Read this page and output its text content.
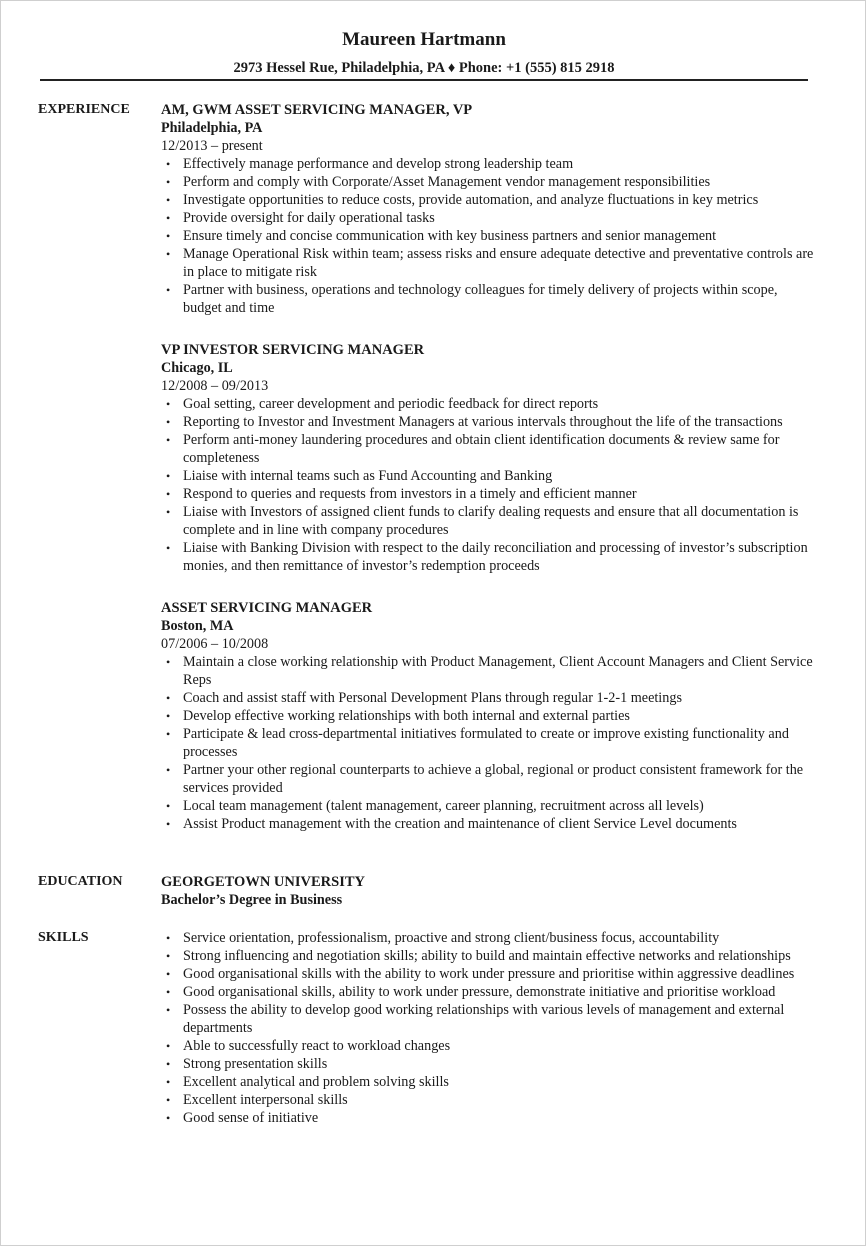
Maureen Hartmann
2973 Hessel Rue, Philadelphia, PA ♦ Phone: +1 (555) 815 2918
EXPERIENCE AM, GWM ASSET SERVICING MANAGER, VP
Philadelphia, PA
12/2013 – present
• Effectively manage performance and develop strong leadership team
• Perform and comply with Corporate/Asset Management vendor management responsibilities
• Investigate opportunities to reduce costs, provide automation, and analyze fluctuations in key metrics
• Provide oversight for daily operational tasks
• Ensure timely and concise communication with key business partners and senior management
• Manage Operational Risk within team; assess risks and ensure adequate detective and preventative controls are in place to mitigate risk
• Partner with business, operations and technology colleagues for timely delivery of projects within scope, budget and time
VP INVESTOR SERVICING MANAGER
Chicago, IL
12/2008 – 09/2013
• Goal setting, career development and periodic feedback for direct reports
• Reporting to Investor and Investment Managers at various intervals throughout the life of the transactions
• Perform anti-money laundering procedures and obtain client identification documents & review same for completeness
• Liaise with internal teams such as Fund Accounting and Banking
• Respond to queries and requests from investors in a timely and efficient manner
• Liaise with Investors of assigned client funds to clarify dealing requests and ensure that all documentation is complete and in line with company procedures
• Liaise with Banking Division with respect to the daily reconciliation and processing of investor’s subscription monies, and then remittance of investor’s redemption proceeds
ASSET SERVICING MANAGER
Boston, MA
07/2006 – 10/2008
• Maintain a close working relationship with Product Management, Client Account Managers and Client Service Reps
• Coach and assist staff with Personal Development Plans through regular 1-2-1 meetings
• Develop effective working relationships with both internal and external parties
• Participate & lead cross-departmental initiatives formulated to create or improve existing functionality and processes
• Partner your other regional counterparts to achieve a global, regional or product consistent framework for the services provided
• Local team management (talent management, career planning, recruitment across all levels)
• Assist Product management with the creation and maintenance of client Service Level documents
EDUCATION	GEORGETOWN UNIVERSITY
Bachelor’s Degree in Business
SKILLS	• Service orientation, professionalism, proactive and strong client/business focus, accountability
• Strong influencing and negotiation skills; ability to build and maintain effective networks and relationships
• Good organisational skills with the ability to work under pressure and prioritise within aggressive deadlines
• Good organisational skills, ability to work under pressure, demonstrate initiative and prioritise workload
• Possess the ability to develop good working relationships with various levels of management and external departments
• Able to successfully react to workload changes
• Strong presentation skills
• Excellent analytical and problem solving skills
• Excellent interpersonal skills
• Good sense of initiative
